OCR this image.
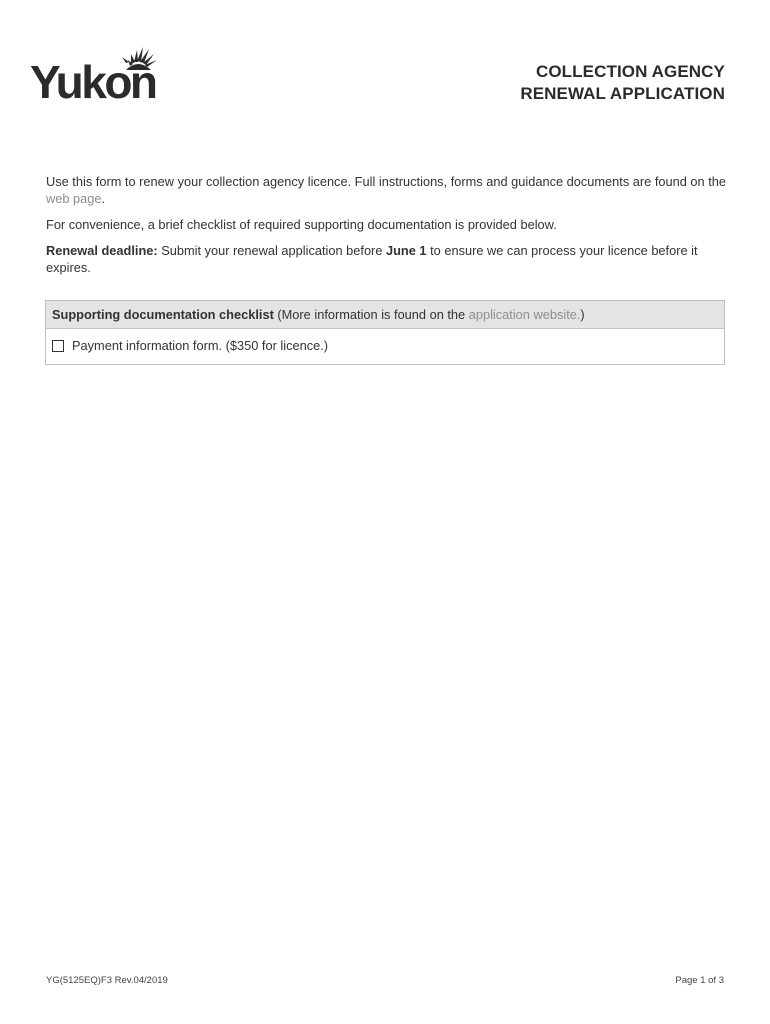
Yukon	COLLECTION AGENCY
RENEWAL APPLICATION

Use this form to renew your collection agency licence. Full instructions, forms and guidance documents are found on the web page.

For convenience, a brief checklist of required supporting documentation is provided below.

Renewal deadline: Submit your renewal application before June 1 to ensure we can process your licence before it expires.

Supporting documentation checklist (More information is found on the application website.)
Payment information form. ($350 for licence.)
YG(5125EQ)F3 Rev.04/2019	Page 1 of 3
